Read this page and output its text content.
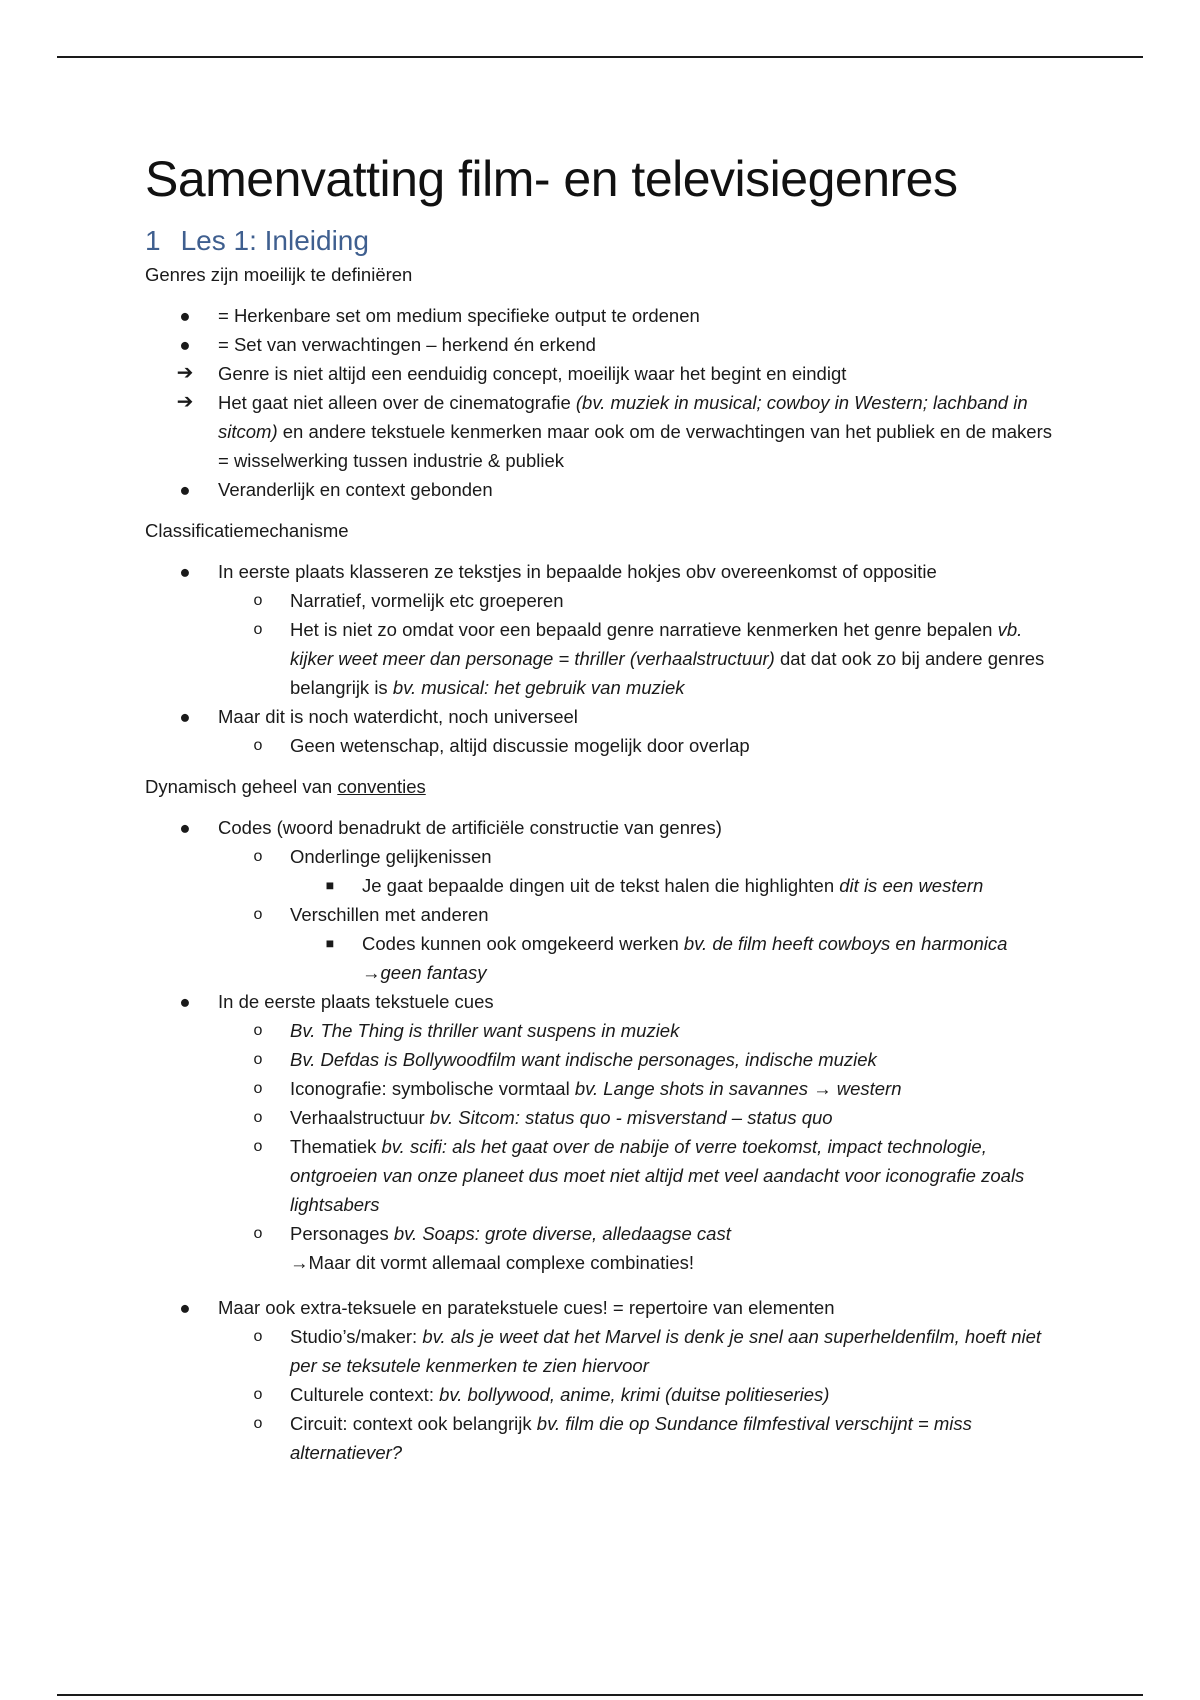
Samenvatting film- en televisiegenres
1 Les 1: Inleiding

Genres zijn moeilijk te definiëren

● = Herkenbare set om medium specifieke output te ordenen
● = Set van verwachtingen – herkend én erkend
➔ Genre is niet altijd een eenduidig concept, moeilijk waar het begint en eindigt
➔ Het gaat niet alleen over de cinematografie (bv. muziek in musical; cowboy in Western; lachband in sitcom) en andere tekstuele kenmerken maar ook om de verwachtingen van het publiek en de makers = wisselwerking tussen industrie & publiek
● Veranderlijk en context gebonden

Classificatiemechanisme

● In eerste plaats klasseren ze tekstjes in bepaalde hokjes obv overeenkomst of oppositie
o Narratief, vormelijk etc groeperen
o Het is niet zo omdat voor een bepaald genre narratieve kenmerken het genre bepalen vb. kijker weet meer dan personage = thriller (verhaalstructuur) dat dat ook zo bij andere genres belangrijk is bv. musical: het gebruik van muziek
● Maar dit is noch waterdicht, noch universeel
o Geen wetenschap, altijd discussie mogelijk door overlap

Dynamisch geheel van conventies

● Codes (woord benadrukt de artificiële constructie van genres)
o Onderlinge gelijkenissen
■	Je gaat bepaalde dingen uit de tekst halen die highlighten dit is een western
o Verschillen met anderen
■	Codes kunnen ook omgekeerd werken bv. de film heeft cowboys en harmonica →geen fantasy
● In de eerste plaats tekstuele cues
o Bv. The Thing is thriller want suspens in muziek
o Bv. Defdas is Bollywoodfilm want indische personages, indische muziek
o Iconografie: symbolische vormtaal bv. Lange shots in savannes → western
o Verhaalstructuur bv. Sitcom: status quo - misverstand – status quo
o Thematiek bv. scifi: als het gaat over de nabije of verre toekomst, impact technologie, ontgroeien van onze planeet dus moet niet altijd met veel aandacht voor iconografie zoals lightsabers
o Personages bv. Soaps: grote diverse, alledaagse cast
→Maar dit vormt allemaal complexe combinaties!
● Maar ook extra-teksuele en paratekstuele cues! = repertoire van elementen
o Studio’s/maker: bv. als je weet dat het Marvel is denk je snel aan superheldenfilm, hoeft niet per se teksutele kenmerken te zien hiervoor
o Culturele context: bv. bollywood, anime, krimi (duitse politieseries)
o Circuit: context ook belangrijk bv. film die op Sundance filmfestival verschijnt = miss alternatiever?
